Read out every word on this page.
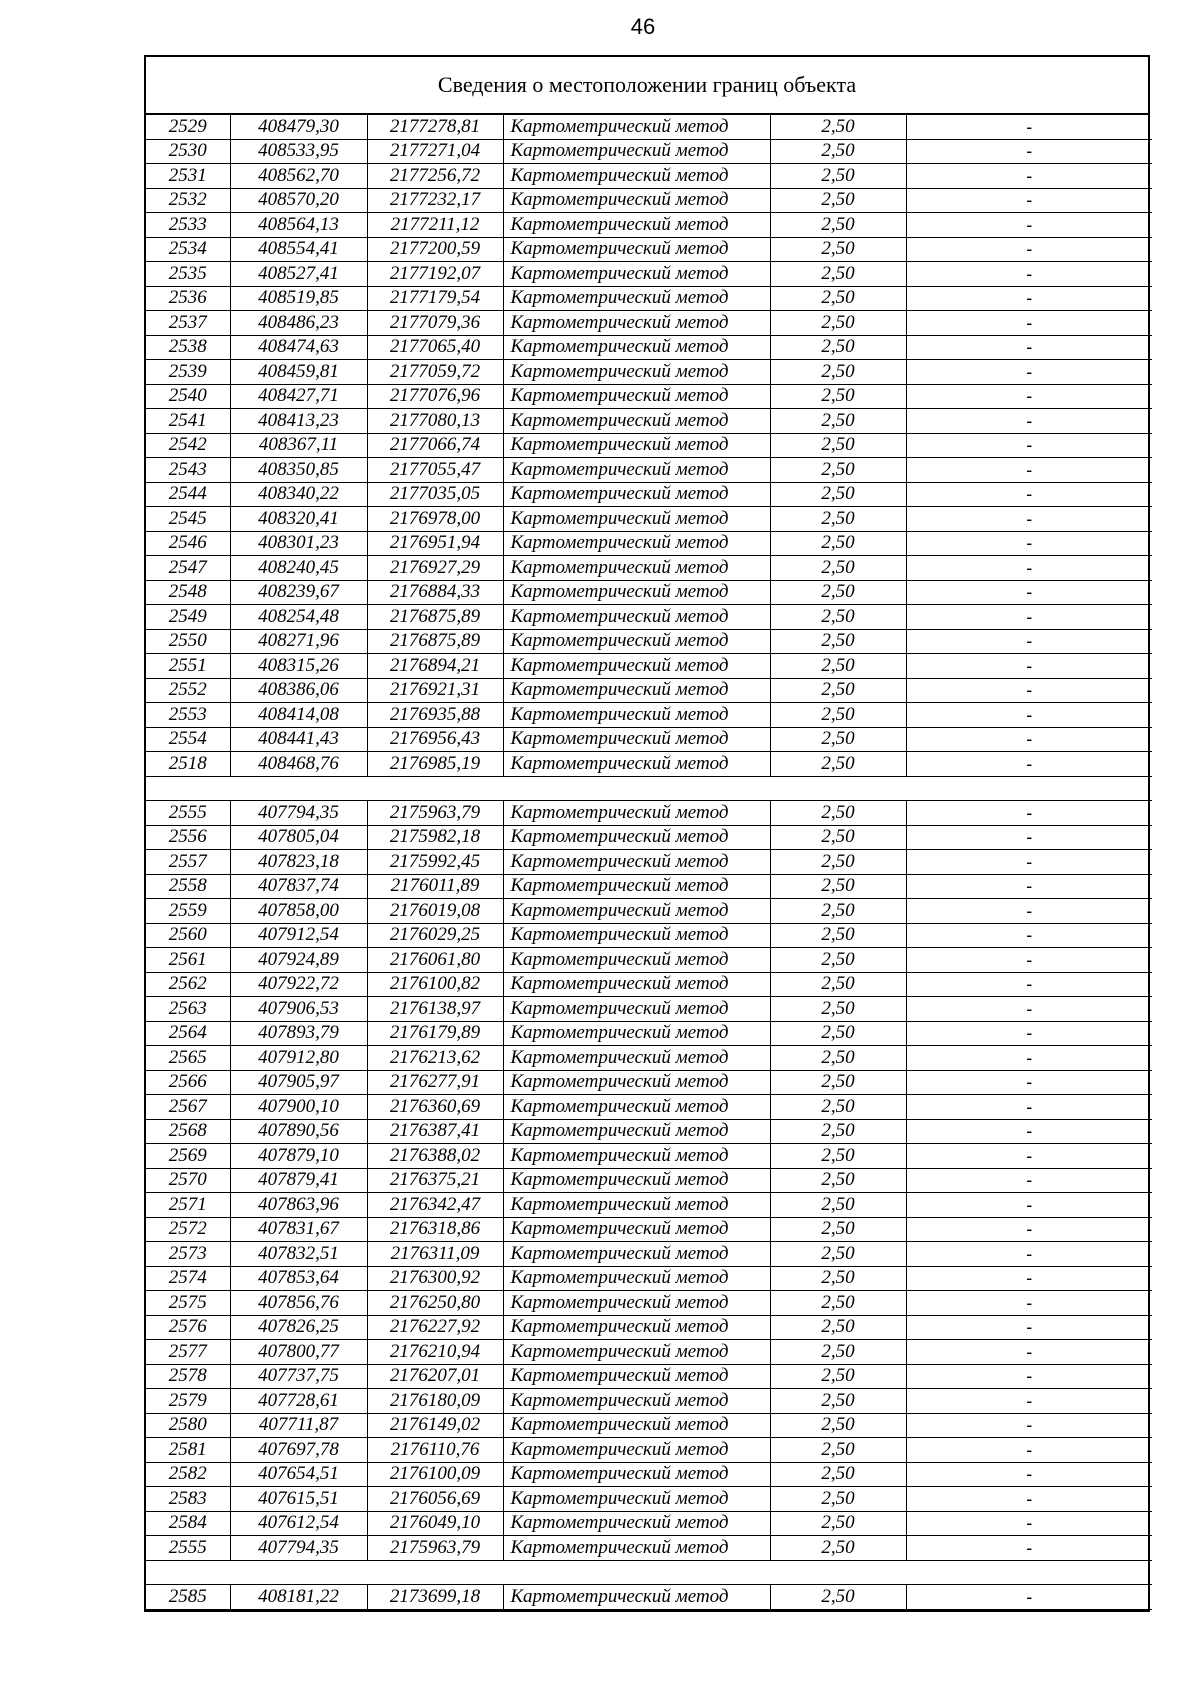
46
Сведения о местоположении границ объекта
2529	408479,30	2177278,81	Картометрический метод	2,50	-
2530	408533,95	2177271,04	Картометрический метод	2,50	-
2531	408562,70	2177256,72	Картометрический метод	2,50	-
2532	408570,20	2177232,17	Картометрический метод	2,50	-
2533	408564,13	2177211,12	Картометрический метод	2,50	-
2534	408554,41	2177200,59	Картометрический метод	2,50	-
2535	408527,41	2177192,07	Картометрический метод	2,50	-
2536	408519,85	2177179,54	Картометрический метод	2,50	-
2537	408486,23	2177079,36	Картометрический метод	2,50	-
2538	408474,63	2177065,40	Картометрический метод	2,50	-
2539	408459,81	2177059,72	Картометрический метод	2,50	-
2540	408427,71	2177076,96	Картометрический метод	2,50	-
2541	408413,23	2177080,13	Картометрический метод	2,50	-
2542	408367,11	2177066,74	Картометрический метод	2,50	-
2543	408350,85	2177055,47	Картометрический метод	2,50	-
2544	408340,22	2177035,05	Картометрический метод	2,50	-
2545	408320,41	2176978,00	Картометрический метод	2,50	-
2546	408301,23	2176951,94	Картометрический метод	2,50	-
2547	408240,45	2176927,29	Картометрический метод	2,50	-
2548	408239,67	2176884,33	Картометрический метод	2,50	-
2549	408254,48	2176875,89	Картометрический метод	2,50	-
2550	408271,96	2176875,89	Картометрический метод	2,50	-
2551	408315,26	2176894,21	Картометрический метод	2,50	-
2552	408386,06	2176921,31	Картометрический метод	2,50	-
2553	408414,08	2176935,88	Картометрический метод	2,50	-
2554	408441,43	2176956,43	Картометрический метод	2,50	-
2518	408468,76	2176985,19	Картометрический метод	2,50	-

2555	407794,35	2175963,79	Картометрический метод	2,50	-
2556	407805,04	2175982,18	Картометрический метод	2,50	-
2557	407823,18	2175992,45	Картометрический метод	2,50	-
2558	407837,74	2176011,89	Картометрический метод	2,50	-
2559	407858,00	2176019,08	Картометрический метод	2,50	-
2560	407912,54	2176029,25	Картометрический метод	2,50	-
2561	407924,89	2176061,80	Картометрический метод	2,50	-
2562	407922,72	2176100,82	Картометрический метод	2,50	-
2563	407906,53	2176138,97	Картометрический метод	2,50	-
2564	407893,79	2176179,89	Картометрический метод	2,50	-
2565	407912,80	2176213,62	Картометрический метод	2,50	-
2566	407905,97	2176277,91	Картометрический метод	2,50	-
2567	407900,10	2176360,69	Картометрический метод	2,50	-
2568	407890,56	2176387,41	Картометрический метод	2,50	-
2569	407879,10	2176388,02	Картометрический метод	2,50	-
2570	407879,41	2176375,21	Картометрический метод	2,50	-
2571	407863,96	2176342,47	Картометрический метод	2,50	-
2572	407831,67	2176318,86	Картометрический метод	2,50	-
2573	407832,51	2176311,09	Картометрический метод	2,50	-
2574	407853,64	2176300,92	Картометрический метод	2,50	-
2575	407856,76	2176250,80	Картометрический метод	2,50	-
2576	407826,25	2176227,92	Картометрический метод	2,50	-
2577	407800,77	2176210,94	Картометрический метод	2,50	-
2578	407737,75	2176207,01	Картометрический метод	2,50	-
2579	407728,61	2176180,09	Картометрический метод	2,50	-
2580	407711,87	2176149,02	Картометрический метод	2,50	-
2581	407697,78	2176110,76	Картометрический метод	2,50	-
2582	407654,51	2176100,09	Картометрический метод	2,50	-
2583	407615,51	2176056,69	Картометрический метод	2,50	-
2584	407612,54	2176049,10	Картометрический метод	2,50	-
2555	407794,35	2175963,79	Картометрический метод	2,50	-

2585	408181,22	2173699,18	Картометрический метод	2,50	-
